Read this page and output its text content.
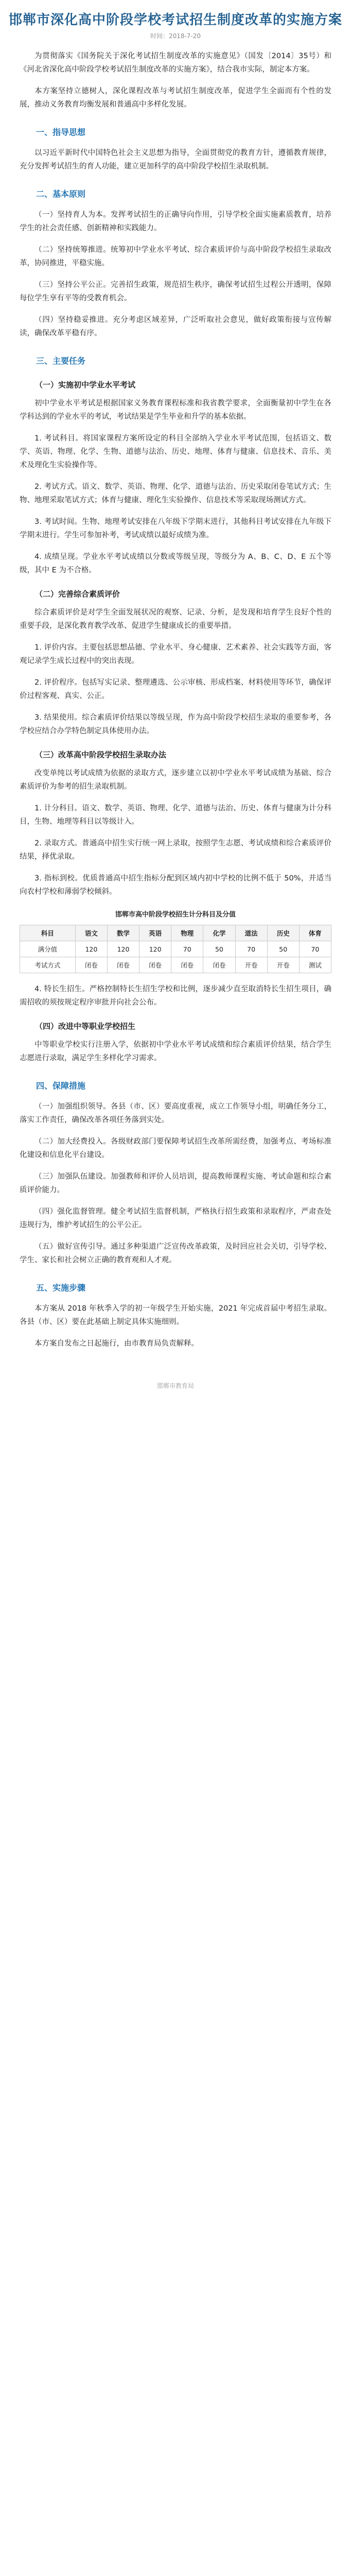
邯郸市深化高中阶段学校考试招生制度改革的实施方案
时间：2018-7-20
为贯彻落实《国务院关于深化考试招生制度改革的实施意见》（国发〔2014〕35号）和《河北省深化高中阶段学校考试招生制度改革的实施方案》，结合我市实际，制定本方案。
本方案坚持立德树人，深化课程改革与考试招生制度改革，促进学生全面而有个性的发展，推动义务教育均衡发展和普通高中多样化发展。
一、指导思想
以习近平新时代中国特色社会主义思想为指导，全面贯彻党的教育方针，遵循教育规律，充分发挥考试招生的育人功能，建立更加科学的高中阶段学校招生录取机制。
二、基本原则
（一）坚持育人为本。发挥考试招生的正确导向作用，引导学校全面实施素质教育，培养学生的社会责任感、创新精神和实践能力。
（二）坚持统筹推进。统筹初中学业水平考试、综合素质评价与高中阶段学校招生录取改革，协同推进，平稳实施。
（三）坚持公平公正。完善招生政策，规范招生秩序，确保考试招生过程公开透明，保障每位学生享有平等的受教育机会。
（四）坚持稳妥推进。充分考虑区域差异，广泛听取社会意见，做好政策衔接与宣传解读，确保改革平稳有序。
三、主要任务
（一）实施初中学业水平考试
初中学业水平考试是根据国家义务教育课程标准和我省教学要求，全面衡量初中学生在各学科达到的学业水平的考试，考试结果是学生毕业和升学的基本依据。
1. 考试科目。将国家课程方案所设定的科目全部纳入学业水平考试范围，包括语文、数学、英语、物理、化学、生物、道德与法治、历史、地理、体育与健康、信息技术、音乐、美术及理化生实验操作等。
2. 考试方式。语文、数学、英语、物理、化学、道德与法治、历史采取闭卷笔试方式；生物、地理采取笔试方式；体育与健康、理化生实验操作、信息技术等采取现场测试方式。
3. 考试时间。生物、地理考试安排在八年级下学期末进行，其他科目考试安排在九年级下学期末进行。学生可参加补考，考试成绩以最好成绩为准。
4. 成绩呈现。学业水平考试成绩以分数或等级呈现，等级分为 A、B、C、D、E 五个等级，其中 E 为不合格。
（二）完善综合素质评价
综合素质评价是对学生全面发展状况的观察、记录、分析，是发现和培育学生良好个性的重要手段，是深化教育教学改革、促进学生健康成长的重要举措。
1. 评价内容。主要包括思想品德、学业水平、身心健康、艺术素养、社会实践等方面，客观记录学生成长过程中的突出表现。
2. 评价程序。包括写实记录、整理遴选、公示审核、形成档案、材料使用等环节，确保评价过程客观、真实、公正。
3. 结果使用。综合素质评价结果以等级呈现，作为高中阶段学校招生录取的重要参考，各学校应结合办学特色制定具体使用办法。
（三）改革高中阶段学校招生录取办法
改变单纯以考试成绩为依据的录取方式，逐步建立以初中学业水平考试成绩为基础、综合素质评价为参考的招生录取机制。
1. 计分科目。语文、数学、英语、物理、化学、道德与法治、历史、体育与健康为计分科目，生物、地理等科目以等级计入。
2. 录取方式。普通高中招生实行统一网上录取，按照学生志愿、考试成绩和综合素质评价结果，择优录取。
3. 指标到校。优质普通高中招生指标分配到区域内初中学校的比例不低于 50%，并适当向农村学校和薄弱学校倾斜。
邯郸市高中阶段学校招生计分科目及分值
科目	语文	数学	英语	物理	化学	道法	历史	体育
满分值	120	120	120	70	50	70	50	70
考试方式	闭卷	闭卷	闭卷	闭卷	闭卷	开卷	开卷	测试
4. 特长生招生。严格控制特长生招生学校和比例，逐步减少直至取消特长生招生项目，确需招收的须按规定程序审批并向社会公布。
（四）改进中等职业学校招生
中等职业学校实行注册入学，依据初中学业水平考试成绩和综合素质评价结果，结合学生志愿进行录取，满足学生多样化学习需求。
四、保障措施
（一）加强组织领导。各县（市、区）要高度重视，成立工作领导小组，明确任务分工，落实工作责任，确保改革各项任务落到实处。
（二）加大经费投入。各级财政部门要保障考试招生改革所需经费，加强考点、考场标准化建设和信息化平台建设。
（三）加强队伍建设。加强教师和评价人员培训，提高教师课程实施、考试命题和综合素质评价能力。
（四）强化监督管理。健全考试招生监督机制，严格执行招生政策和录取程序，严肃查处违规行为，维护考试招生的公平公正。
（五）做好宣传引导。通过多种渠道广泛宣传改革政策，及时回应社会关切，引导学校、学生、家长和社会树立正确的教育观和人才观。
五、实施步骤
本方案从 2018 年秋季入学的初一年级学生开始实施，2021 年完成首届中考招生录取。各县（市、区）要在此基础上制定具体实施细则。
本方案自发布之日起施行，由市教育局负责解释。
邯郸市教育局
